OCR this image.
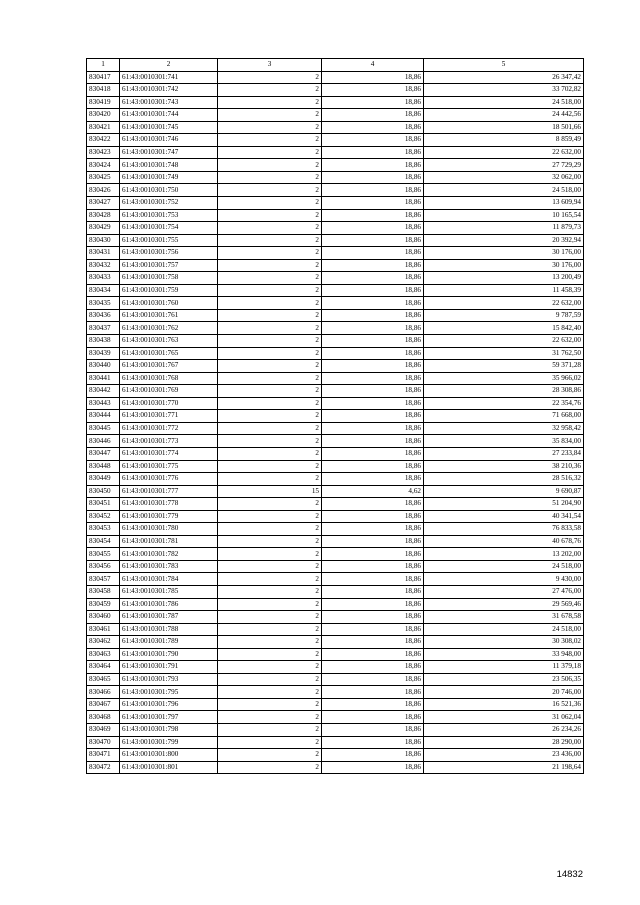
1	2	3	4	5
830417	61:43:0010301:741	2	18,86	26 347,42
830418	61:43:0010301:742	2	18,86	33 702,82
830419	61:43:0010301:743	2	18,86	24 518,00
830420	61:43:0010301:744	2	18,86	24 442,56
830421	61:43:0010301:745	2	18,86	18 501,66
830422	61:43:0010301:746	2	18,86	8 859,49
830423	61:43:0010301:747	2	18,86	22 632,00
830424	61:43:0010301:748	2	18,86	27 729,29
830425	61:43:0010301:749	2	18,86	32 062,00
830426	61:43:0010301:750	2	18,86	24 518,00
830427	61:43:0010301:752	2	18,86	13 609,94
830428	61:43:0010301:753	2	18,86	10 165,54
830429	61:43:0010301:754	2	18,86	11 879,73
830430	61:43:0010301:755	2	18,86	20 392,94
830431	61:43:0010301:756	2	18,86	30 176,00
830432	61:43:0010301:757	2	18,86	30 176,00
830433	61:43:0010301:758	2	18,86	13 200,49
830434	61:43:0010301:759	2	18,86	11 458,39
830435	61:43:0010301:760	2	18,86	22 632,00
830436	61:43:0010301:761	2	18,86	9 787,59
830437	61:43:0010301:762	2	18,86	15 842,40
830438	61:43:0010301:763	2	18,86	22 632,00
830439	61:43:0010301:765	2	18,86	31 762,50
830440	61:43:0010301:767	2	18,86	59 371,28
830441	61:43:0010301:768	2	18,86	35 966,02
830442	61:43:0010301:769	2	18,86	28 308,86
830443	61:43:0010301:770	2	18,86	22 354,76
830444	61:43:0010301:771	2	18,86	71 668,00
830445	61:43:0010301:772	2	18,86	32 958,42
830446	61:43:0010301:773	2	18,86	35 834,00
830447	61:43:0010301:774	2	18,86	27 233,84
830448	61:43:0010301:775	2	18,86	38 210,36
830449	61:43:0010301:776	2	18,86	28 516,32
830450	61:43:0010301:777	15	4,62	9 690,87
830451	61:43:0010301:778	2	18,86	51 204,90
830452	61:43:0010301:779	2	18,86	40 341,54
830453	61:43:0010301:780	2	18,86	76 833,58
830454	61:43:0010301:781	2	18,86	40 678,76
830455	61:43:0010301:782	2	18,86	13 202,00
830456	61:43:0010301:783	2	18,86	24 518,00
830457	61:43:0010301:784	2	18,86	9 430,00
830458	61:43:0010301:785	2	18,86	27 476,00
830459	61:43:0010301:786	2	18,86	29 569,46
830460	61:43:0010301:787	2	18,86	31 678,58
830461	61:43:0010301:788	2	18,86	24 518,00
830462	61:43:0010301:789	2	18,86	30 308,02
830463	61:43:0010301:790	2	18,86	33 948,00
830464	61:43:0010301:791	2	18,86	11 379,18
830465	61:43:0010301:793	2	18,86	23 506,35
830466	61:43:0010301:795	2	18,86	20 746,00
830467	61:43:0010301:796	2	18,86	16 521,36
830468	61:43:0010301:797	2	18,86	31 062,04
830469	61:43:0010301:798	2	18,86	26 234,26
830470	61:43:0010301:799	2	18,86	28 290,00
830471	61:43:0010301:800	2	18,86	23 436,00
830472	61:43:0010301:801	2	18,86	21 198,64
14832
